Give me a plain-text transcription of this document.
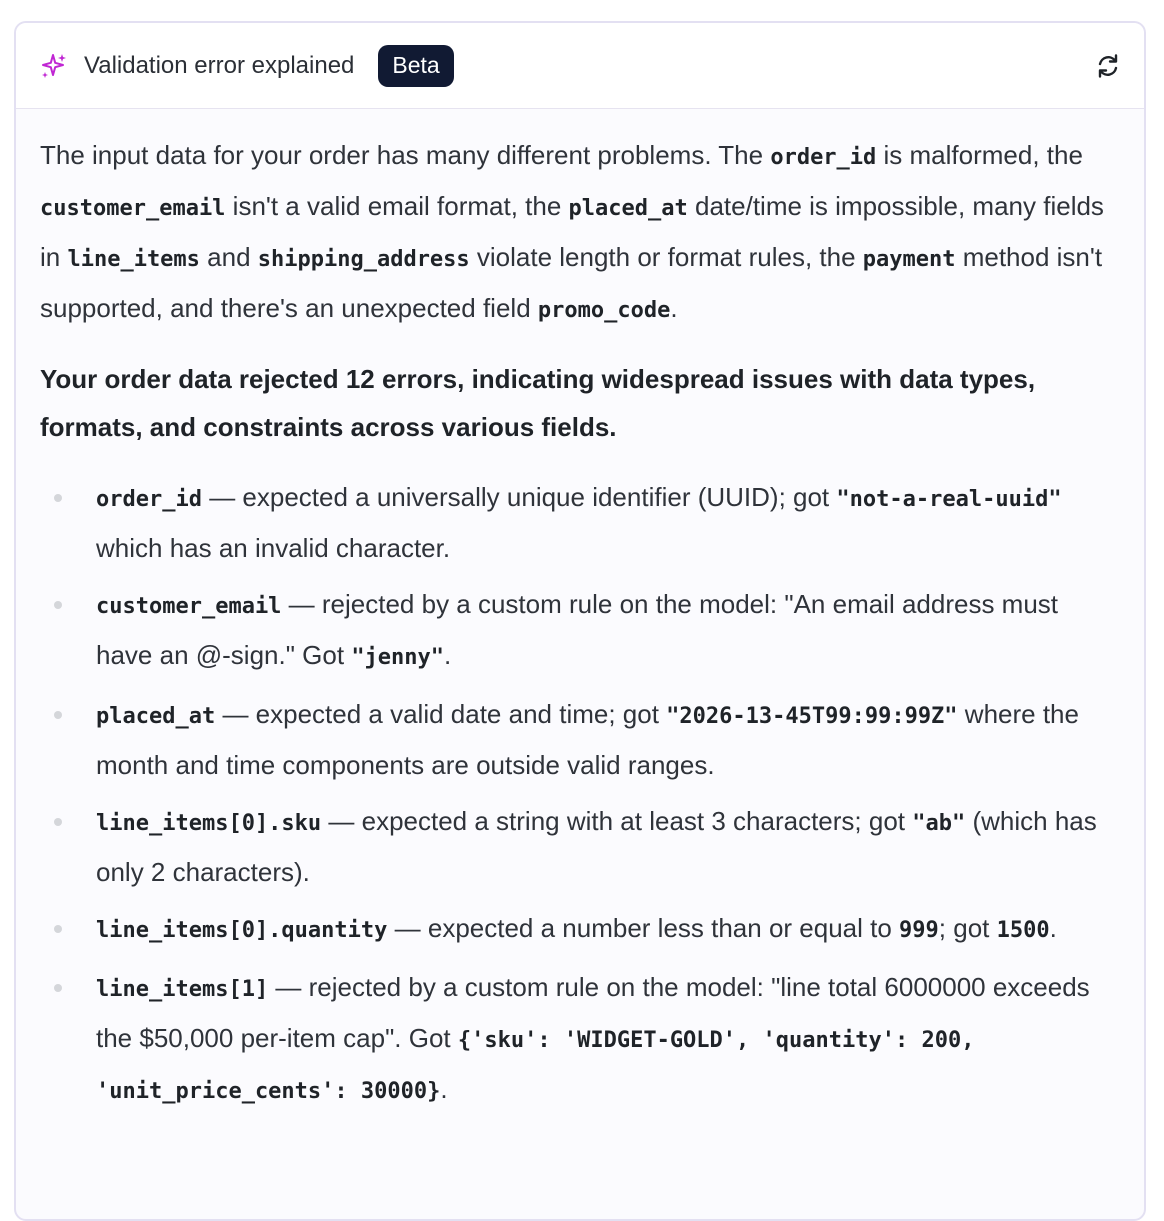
Validation error explained	Beta

The input data for your order has many different problems. The order_id is malformed, the customer_email isn't a valid email format, the placed_at date/time is impossible, many fields in line_items and shipping_address violate length or format rules, the payment method isn't supported, and there's an unexpected field promo_code.

Your order data rejected 12 errors, indicating widespread issues with data types, formats, and constraints across various fields.

order_id — expected a universally unique identifier (UUID); got "not-a-real-uuid" which has an invalid character.
customer_email — rejected by a custom rule on the model: "An email address must have an @-sign." Got "jenny".
placed_at — expected a valid date and time; got "2026-13-45T99:99:99Z" where the month and time components are outside valid ranges.
line_items[0].sku — expected a string with at least 3 characters; got "ab" (which has only 2 characters).
line_items[0].quantity — expected a number less than or equal to 999; got 1500.
line_items[1] — rejected by a custom rule on the model: "line total 6000000 exceeds the $50,000 per-item cap". Got {'sku': 'WIDGET-GOLD', 'quantity': 200, 'unit_price_cents': 30000}.
